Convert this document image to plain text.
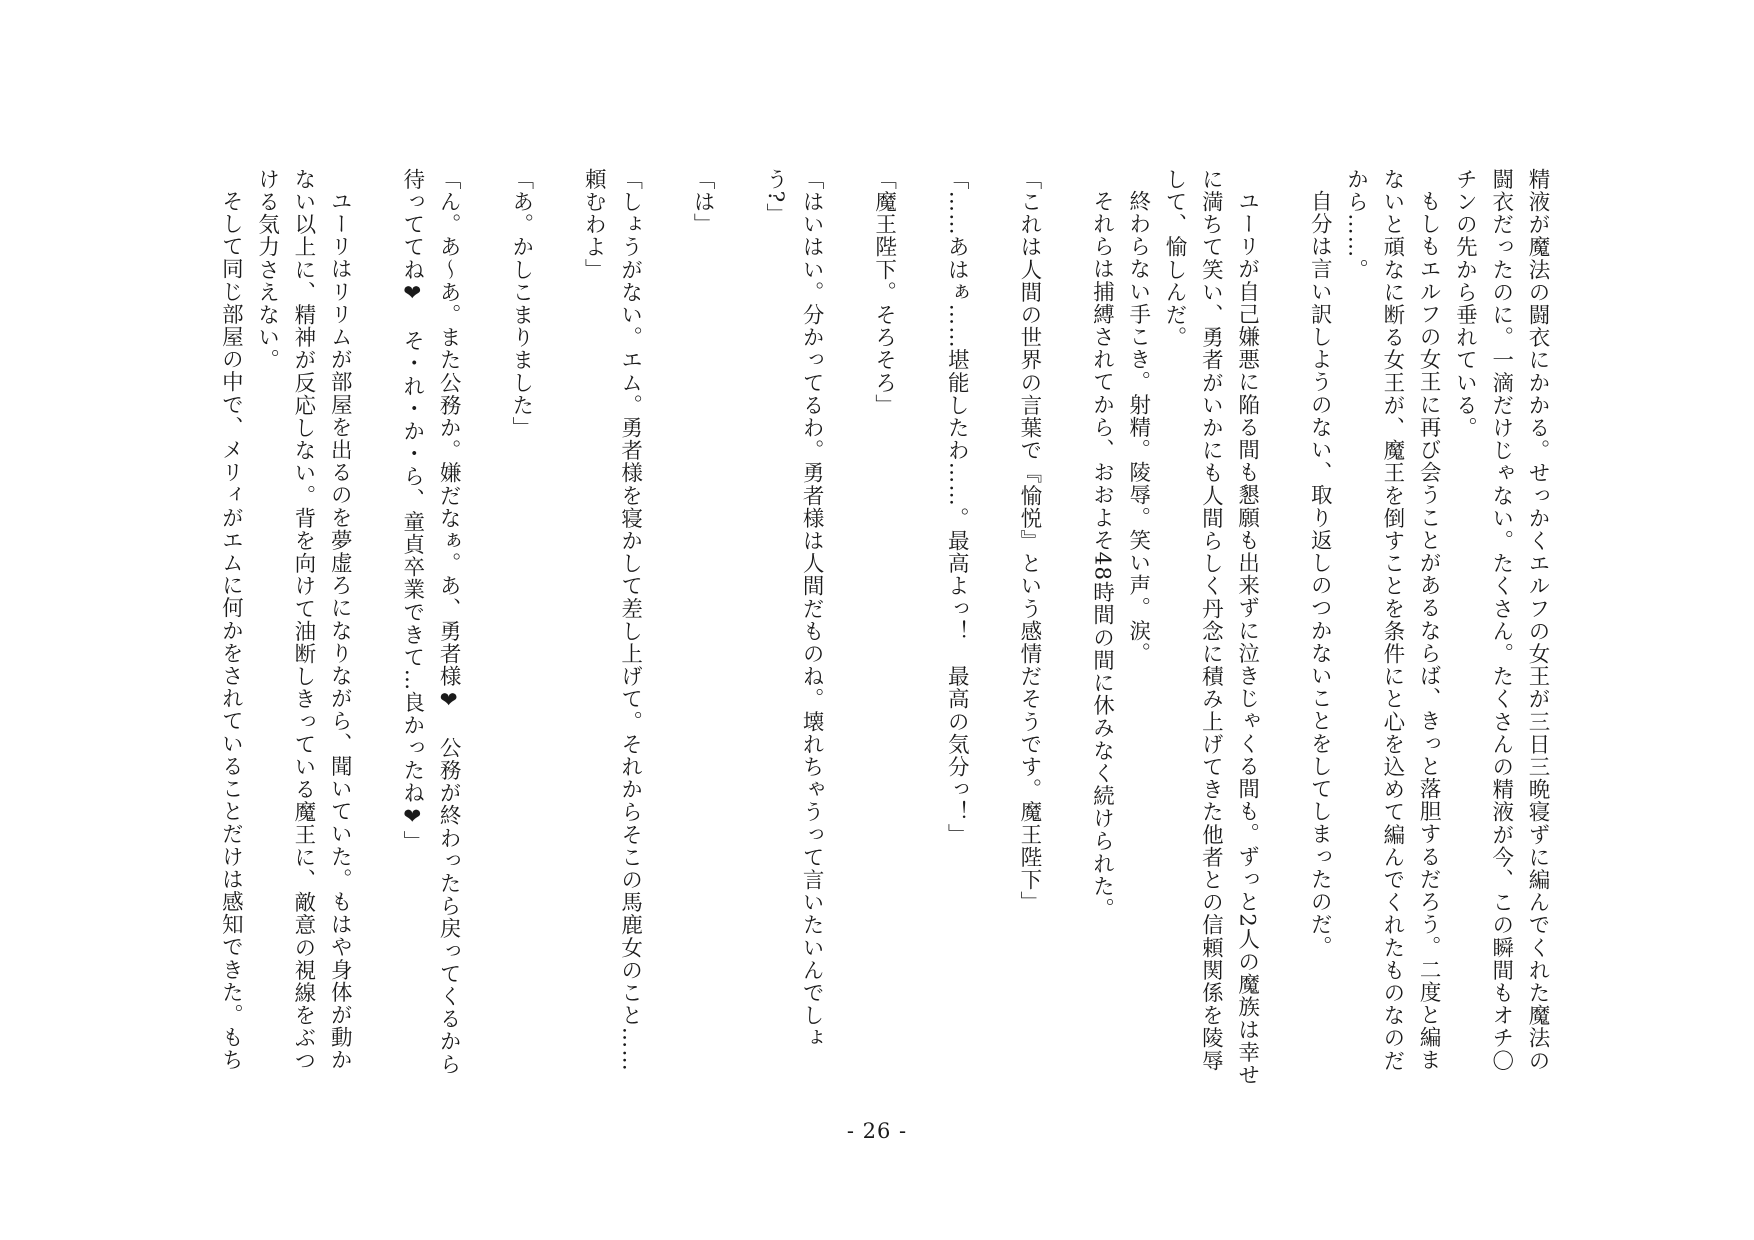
精液が魔法の闘衣にかかる。せっかくエルフの女王が三日三晩寝ずに編んでくれた魔法の闘衣だったのに。一滴だけじゃない。たくさん。たくさんの精液が今、この瞬間もオチ〇チンの先から垂れている。
もしもエルフの女王に再び会うことがあるならば、きっと落胆するだろう。二度と編まないと頑なに断る女王が、魔王を倒すことを条件にと心を込めて編んでくれたものなのだから……。
自分は言い訳しようのない、取り返しのつかないことをしてしまったのだ。
ユーリが自己嫌悪に陥る間も懇願も出来ずに泣きじゃくる間も。ずっと2人の魔族は幸せに満ちて笑い、勇者がいかにも人間らしく丹念に積み上げてきた他者との信頼関係を陵辱して、愉しんだ。
終わらない手こき。射精。陵辱。笑い声。涙。
それらは捕縛されてから、おおよそ48時間の間に休みなく続けられた。
「これは人間の世界の言葉で『愉悦』という感情だそうです。魔王陛下」
「……あはぁ……堪能したわ……。最高よっ！　最高の気分っ！」
「魔王陛下。そろそろ」
「はいはい。分かってるわ。勇者様は人間だものね。壊れちゃうって言いたいんでしょう?」
「は」
「しょうがない。エム。勇者様を寝かして差し上げて。それからそこの馬鹿女のこと……頼むわよ」
「あ。かしこまりました」
「ん。あ～あ。また公務か。嫌だなぁ。あ、勇者様❤　公務が終わったら戻ってくるから待っててね❤　そ・れ・か・ら、童貞卒業できて…良かったね❤」
ユーリはリリムが部屋を出るのを夢虚ろになりながら、聞いていた。もはや身体が動かない以上に、精神が反応しない。背を向けて油断しきっている魔王に、敵意の視線をぶつける気力さえない。
そして同じ部屋の中で、メリィがエムに何かをされていることだけは感知できた。もち
- 26 -
